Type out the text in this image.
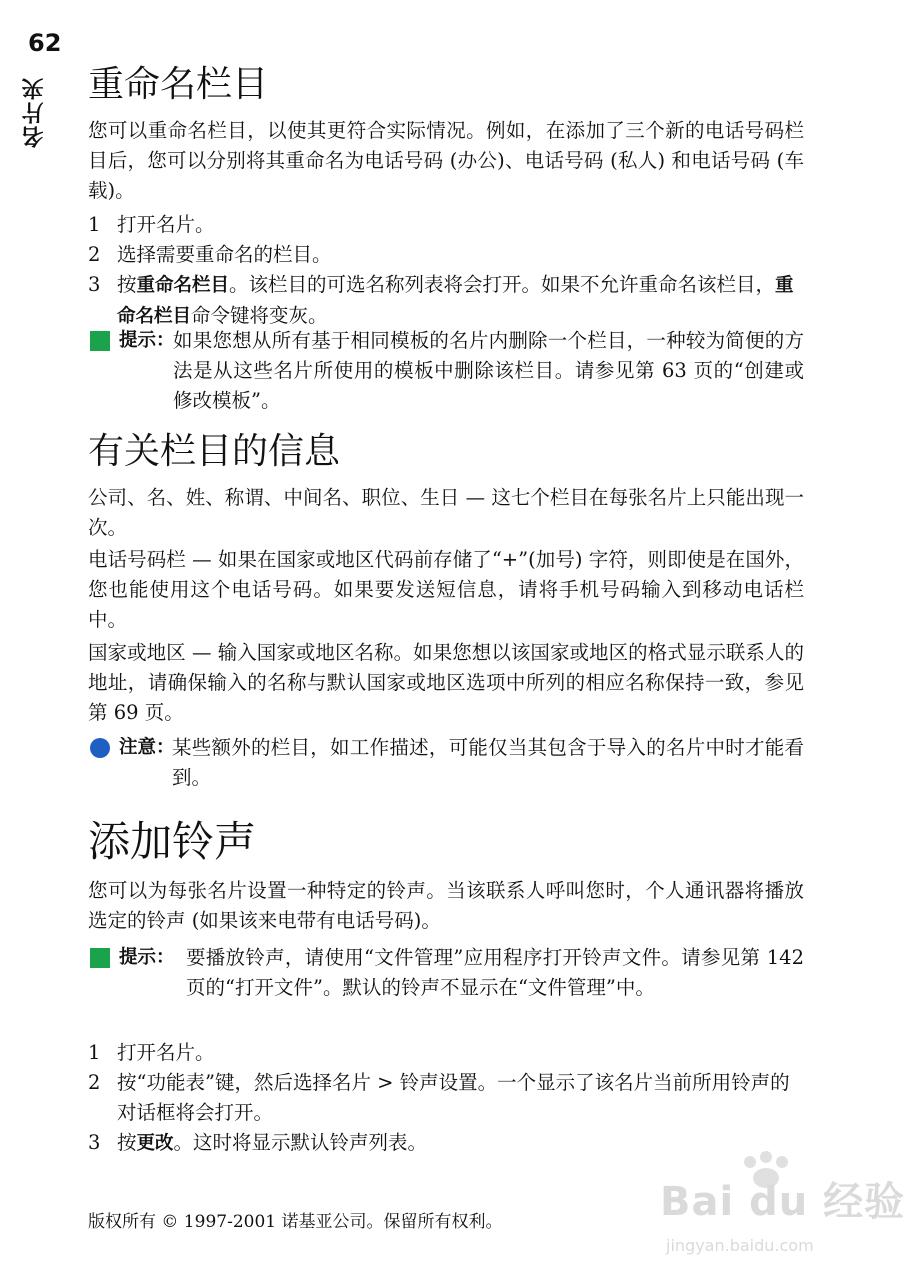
62
名片夹 重命名栏目

您可以重命名栏目，以使其更符合实际情况。例如，在添加了三个新的电话号码栏目后，您可以分别将其重命名为电话号码 (办公)、电话号码 (私人) 和电话号码 (车载)。

1 打开名片。
2 选择需要重命名的栏目。
3 按重命名栏目。该栏目的可选名称列表将会打开。如果不允许重命名该栏目，重命名栏目命令键将变灰。
提示：
如果您想从所有基于相同模板的名片内删除一个栏目，一种较为简便的方法是从这些名片所使用的模板中删除该栏目。请参见第 63 页的“创建或修改模板”。
有关栏目的信息

公司、名、姓、称谓、中间名、职位、生日 — 这七个栏目在每张名片上只能出现一次。

电话号码栏 — 如果在国家或地区代码前存储了“+”(加号) 字符，则即使是在国外，您也能使用这个电话号码。如果要发送短信息，请将手机号码输入到移动电话栏中。

国家或地区 — 输入国家或地区名称。如果您想以该国家或地区的格式显示联系人的地址，请确保输入的名称与默认国家或地区选项中所列的相应名称保持一致，参见第 69 页。

注意：
某些额外的栏目，如工作描述，可能仅当其包含于导入的名片中时才能看到。
添加铃声

您可以为每张名片设置一种特定的铃声。当该联系人呼叫您时，个人通讯器将播放选定的铃声 (如果该来电带有电话号码)。

提示： 要播放铃声，请使用“文件管理”应用程序打开铃声文件。请参见第 142 页的“打开文件”。默认的铃声不显示在“文件管理”中。
1 打开名片。
2 按“功能表”键，然后选择名片 > 铃声设置。一个显示了该名片当前所用铃声的对话框将会打开。
3 按更改。这时将显示默认铃声列表。
版权所有 © 1997-2001 诺基亚公司。保留所有权利。	Bai du 经验
jingyan.baidu.com
